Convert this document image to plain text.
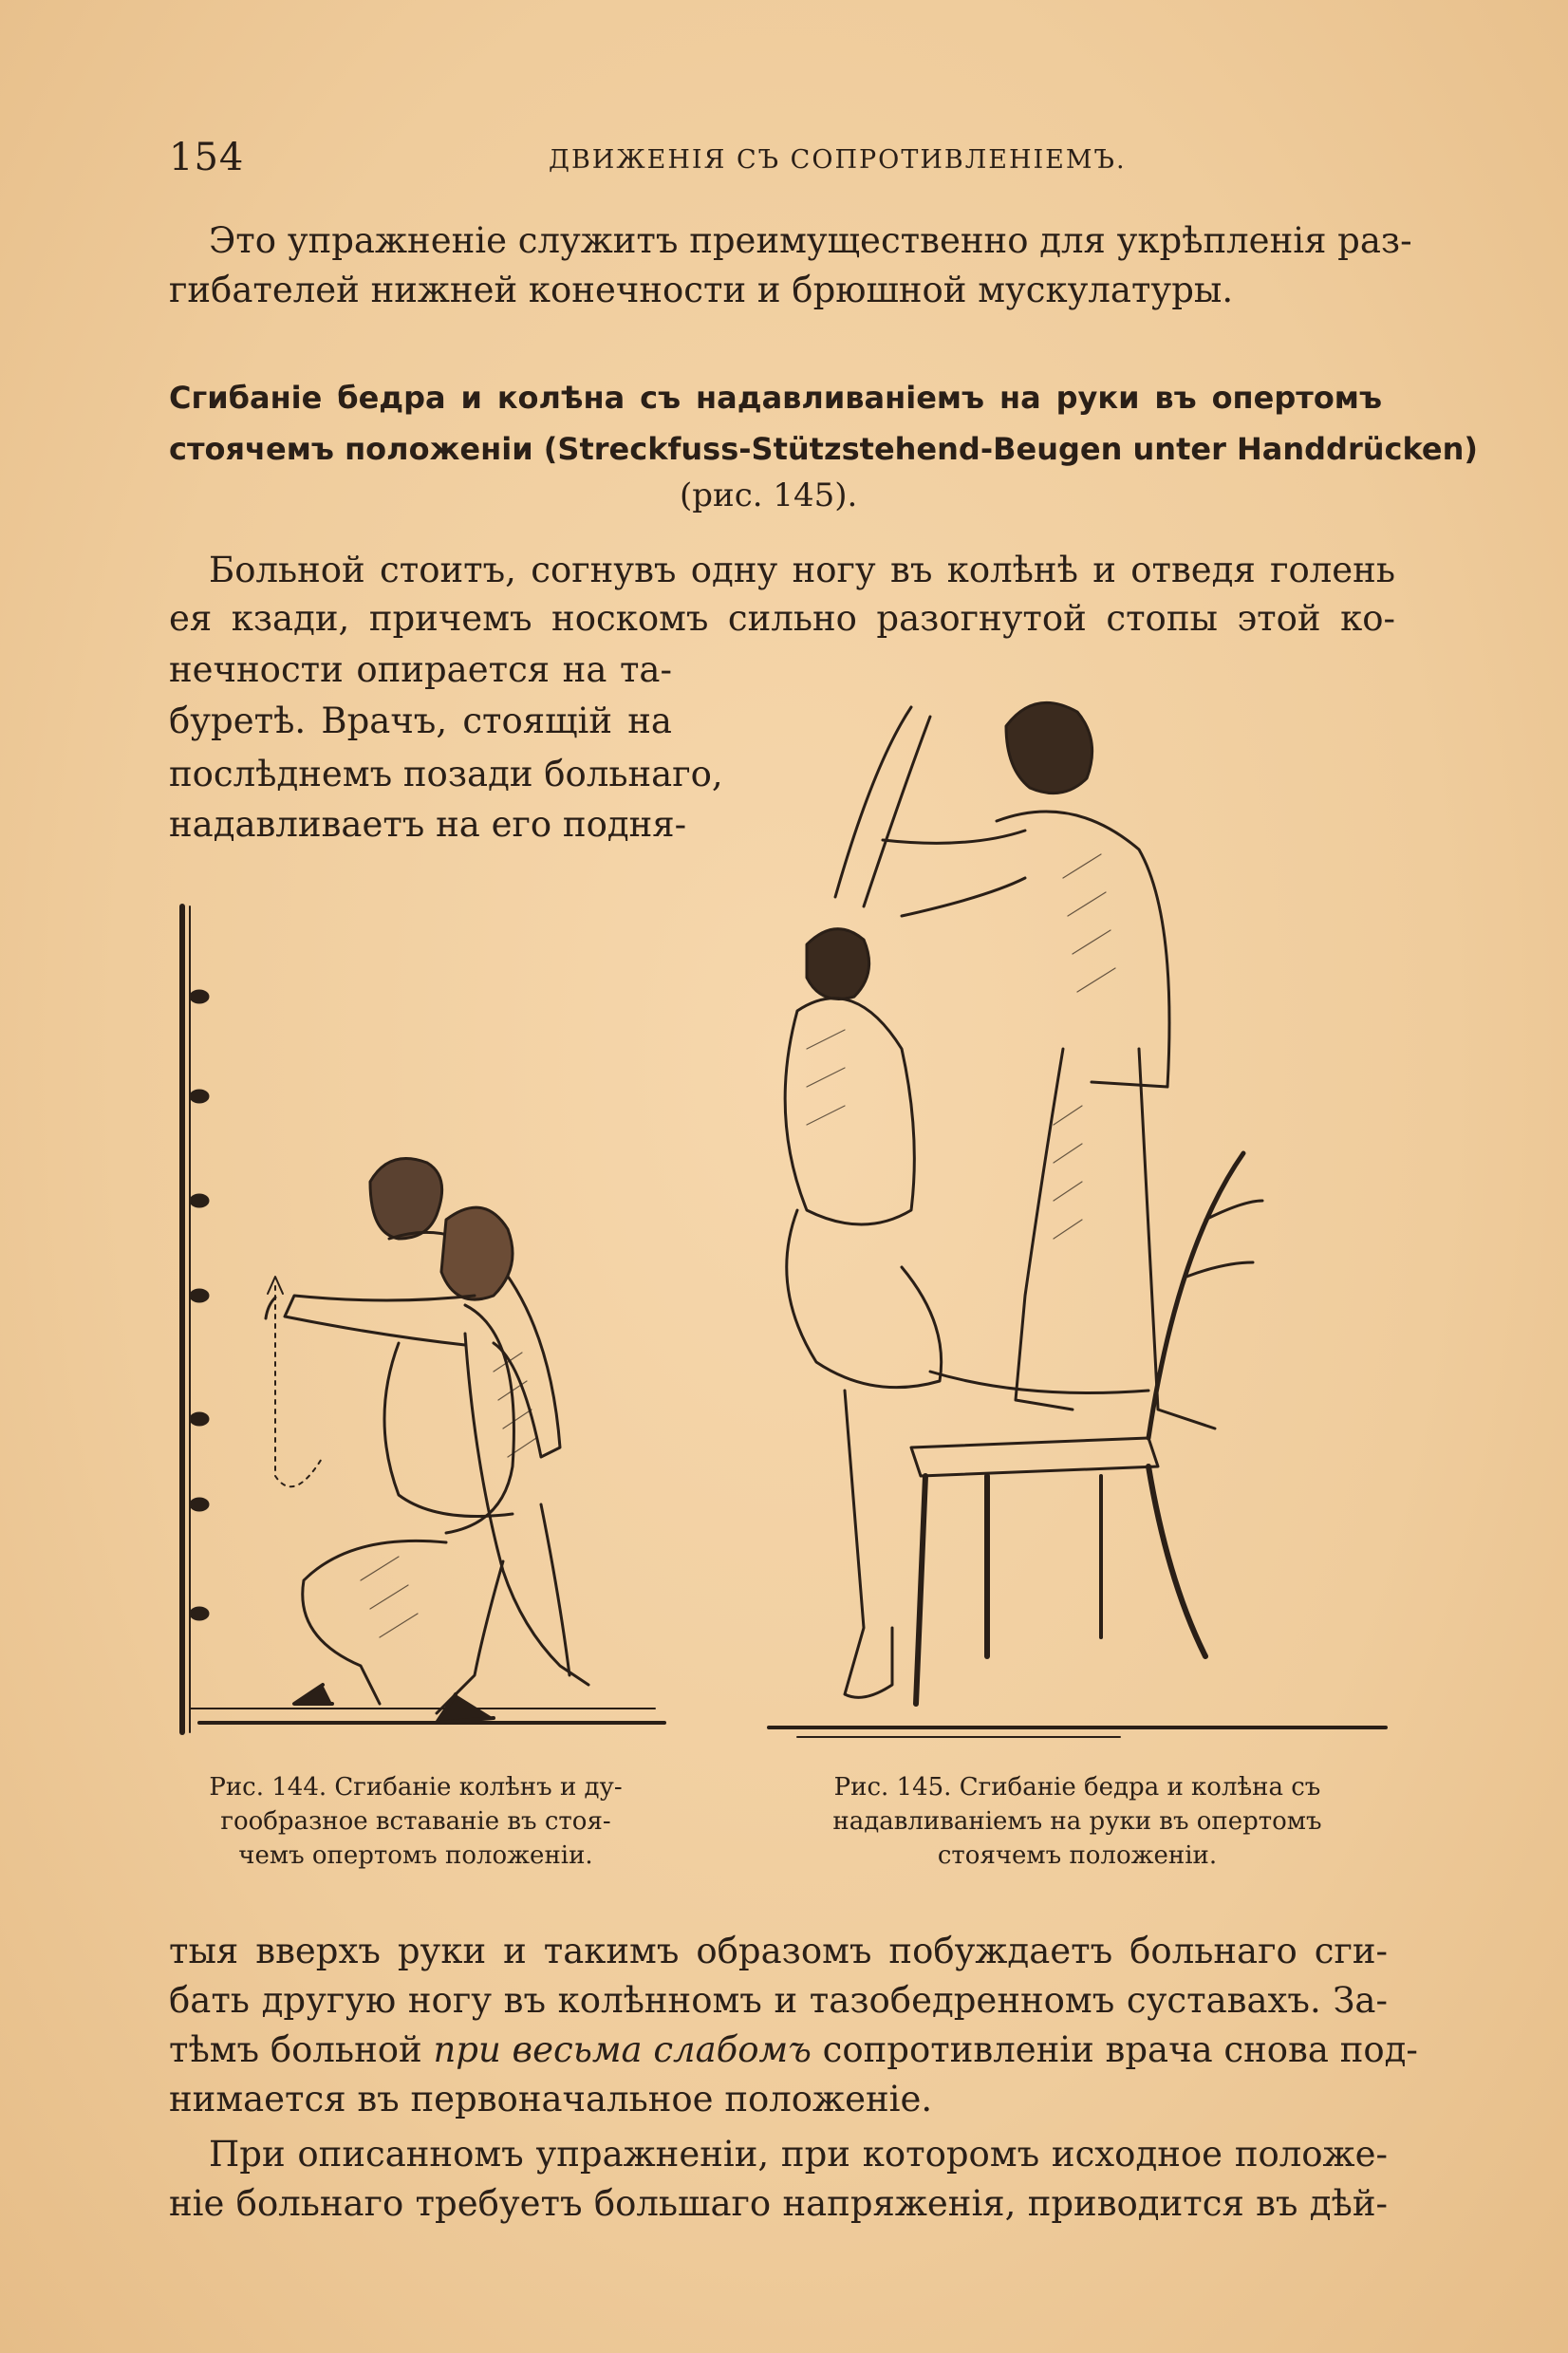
154	ДВИЖЕНІЯ СЪ СОПРОТИВЛЕНІЕМЪ.
Это упражненіе служитъ преимущественно для укрѣпленія раз-
гибателей нижней конечности и брюшной мускулатуры.
Сгибаніе бедра и колѣна съ надавливаніемъ на руки въ опертомъ
стоячемъ положеніи (Streckfuss-Stützstehend-Beugen unter Handdrücken)
(рис. 145).
Больной стоитъ, согнувъ одну ногу въ колѣнѣ и отведя голень
ея кзади, причемъ носкомъ сильно разогнутой стопы этой ко-
нечности опирается на та-
буретѣ. Врачъ, стоящій на
послѣднемъ позади больнаго,
надавливаетъ на его подня-
Рис. 144. Сгибаніе колѣнъ и ду-
гообразное вставаніе въ стоя-
чемъ опертомъ положеніи.
Рис. 145. Сгибаніе бедра и колѣна съ
надавливаніемъ на руки въ опертомъ
стоячемъ положеніи.
тыя вверхъ руки и такимъ образомъ побуждаетъ больнаго сги-
бать другую ногу въ колѣнномъ и тазобедренномъ суставахъ. За-
тѣмъ больной при весьма слабомъ сопротивленіи врача снова под-
нимается въ первоначальное положеніе.
При описанномъ упражненіи, при которомъ исходное положе-
ніе больнаго требуетъ большаго напряженія, приводится въ дѣй-
